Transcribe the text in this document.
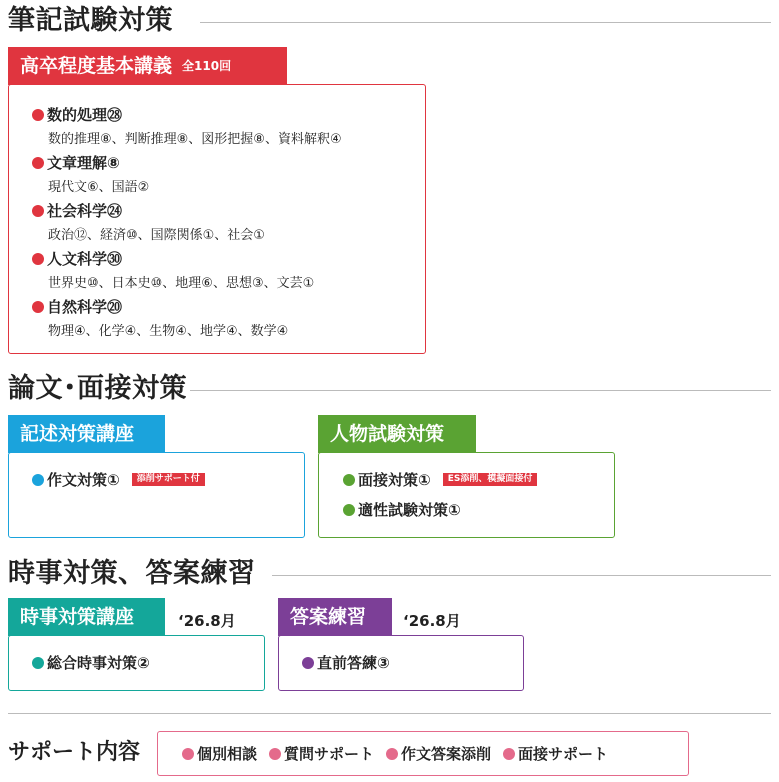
筆記試験対策
高卒程度基本講義 全110回
数的処理㉘
数的推理⑧、判断推理⑧、図形把握⑧、資料解釈④
文章理解⑧
現代文⑥、国語②
社会科学㉔
政治⑫、経済⑩、国際関係①、社会①
人文科学㉚
世界史⑩、日本史⑩、地理⑥、思想③、文芸①
自然科学⑳
物理④、化学④、生物④、地学④、数学④
論文･面接対策
記述対策講座
作文対策①	添削サポート付
人物試験対策
面接対策①	ES添削、模擬面接付
適性試験対策①
時事対策、答案練習
時事対策講座	‘26.8月
総合時事対策②
答案練習 ‘26.8月
直前答練③
サポート内容	個別相談 質問サポート 作文答案添削 面接サポート
